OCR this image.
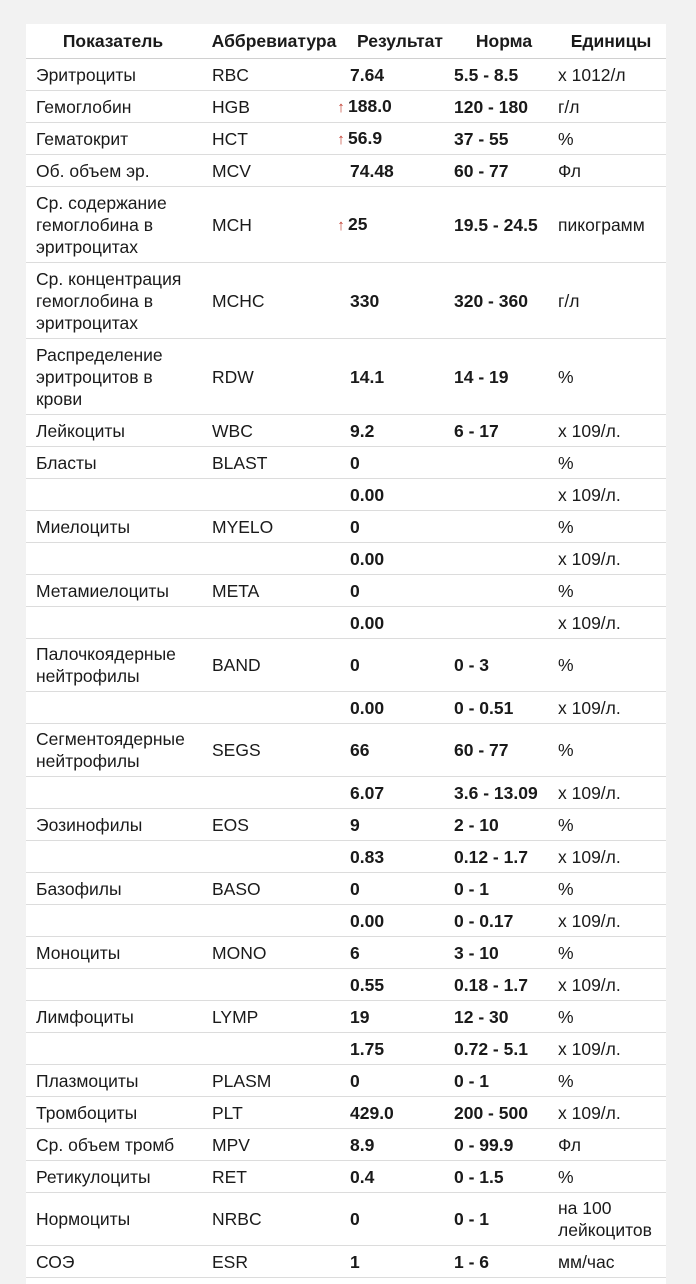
Показатель	Аббревиатура	Результат	Норма	Единицы
Эритроциты	RBC	7.64	5.5 - 8.5	х 1012/л
Гемоглобин	HGB	↑ 188.0	120 - 180	г/л
Гематокрит	HCT	↑ 56.9	37 - 55	%
Об. объем эр.	MCV	74.48	60 - 77	Фл
Ср. содержание гемоглобина в эритроцитах	MCH	↑ 25	19.5 - 24.5	пикограмм
Ср. концентрация гемоглобина в эритроцитах	MCHC	330	320 - 360	г/л
Распределение эритроцитов в крови	RDW	14.1	14 - 19	%
Лейкоциты	WBC	9.2	6 - 17	х 109/л.
Бласты	BLAST	0		%
		0.00		х 109/л.
Миелоциты	MYELO	0		%
		0.00		х 109/л.
Метамиелоциты	META	0		%
		0.00		х 109/л.
Палочкоядерные нейтрофилы	BAND	0	0 - 3	%
		0.00	0 - 0.51	х 109/л.
Сегментоядерные нейтрофилы	SEGS	66	60 - 77	%
		6.07	3.6 - 13.09	х 109/л.
Эозинофилы	EOS	9	2 - 10	%
		0.83	0.12 - 1.7	х 109/л.
Базофилы	BASO	0	0 - 1	%
		0.00	0 - 0.17	х 109/л.
Моноциты	MONO	6	3 - 10	%
		0.55	0.18 - 1.7	х 109/л.
Лимфоциты	LYMP	19	12 - 30	%
		1.75	0.72 - 5.1	х 109/л.
Плазмоциты	PLASM	0	0 - 1	%
Тромбоциты	PLT	429.0	200 - 500	х 109/л.
Ср. объем тромб	MPV	8.9	0 - 99.9	Фл
Ретикулоциты	RET	0.4	0 - 1.5	%
Нормоциты	NRBC	0	0 - 1	на 100 лейкоцитов
СОЭ	ESR	1	1 - 6	мм/час
